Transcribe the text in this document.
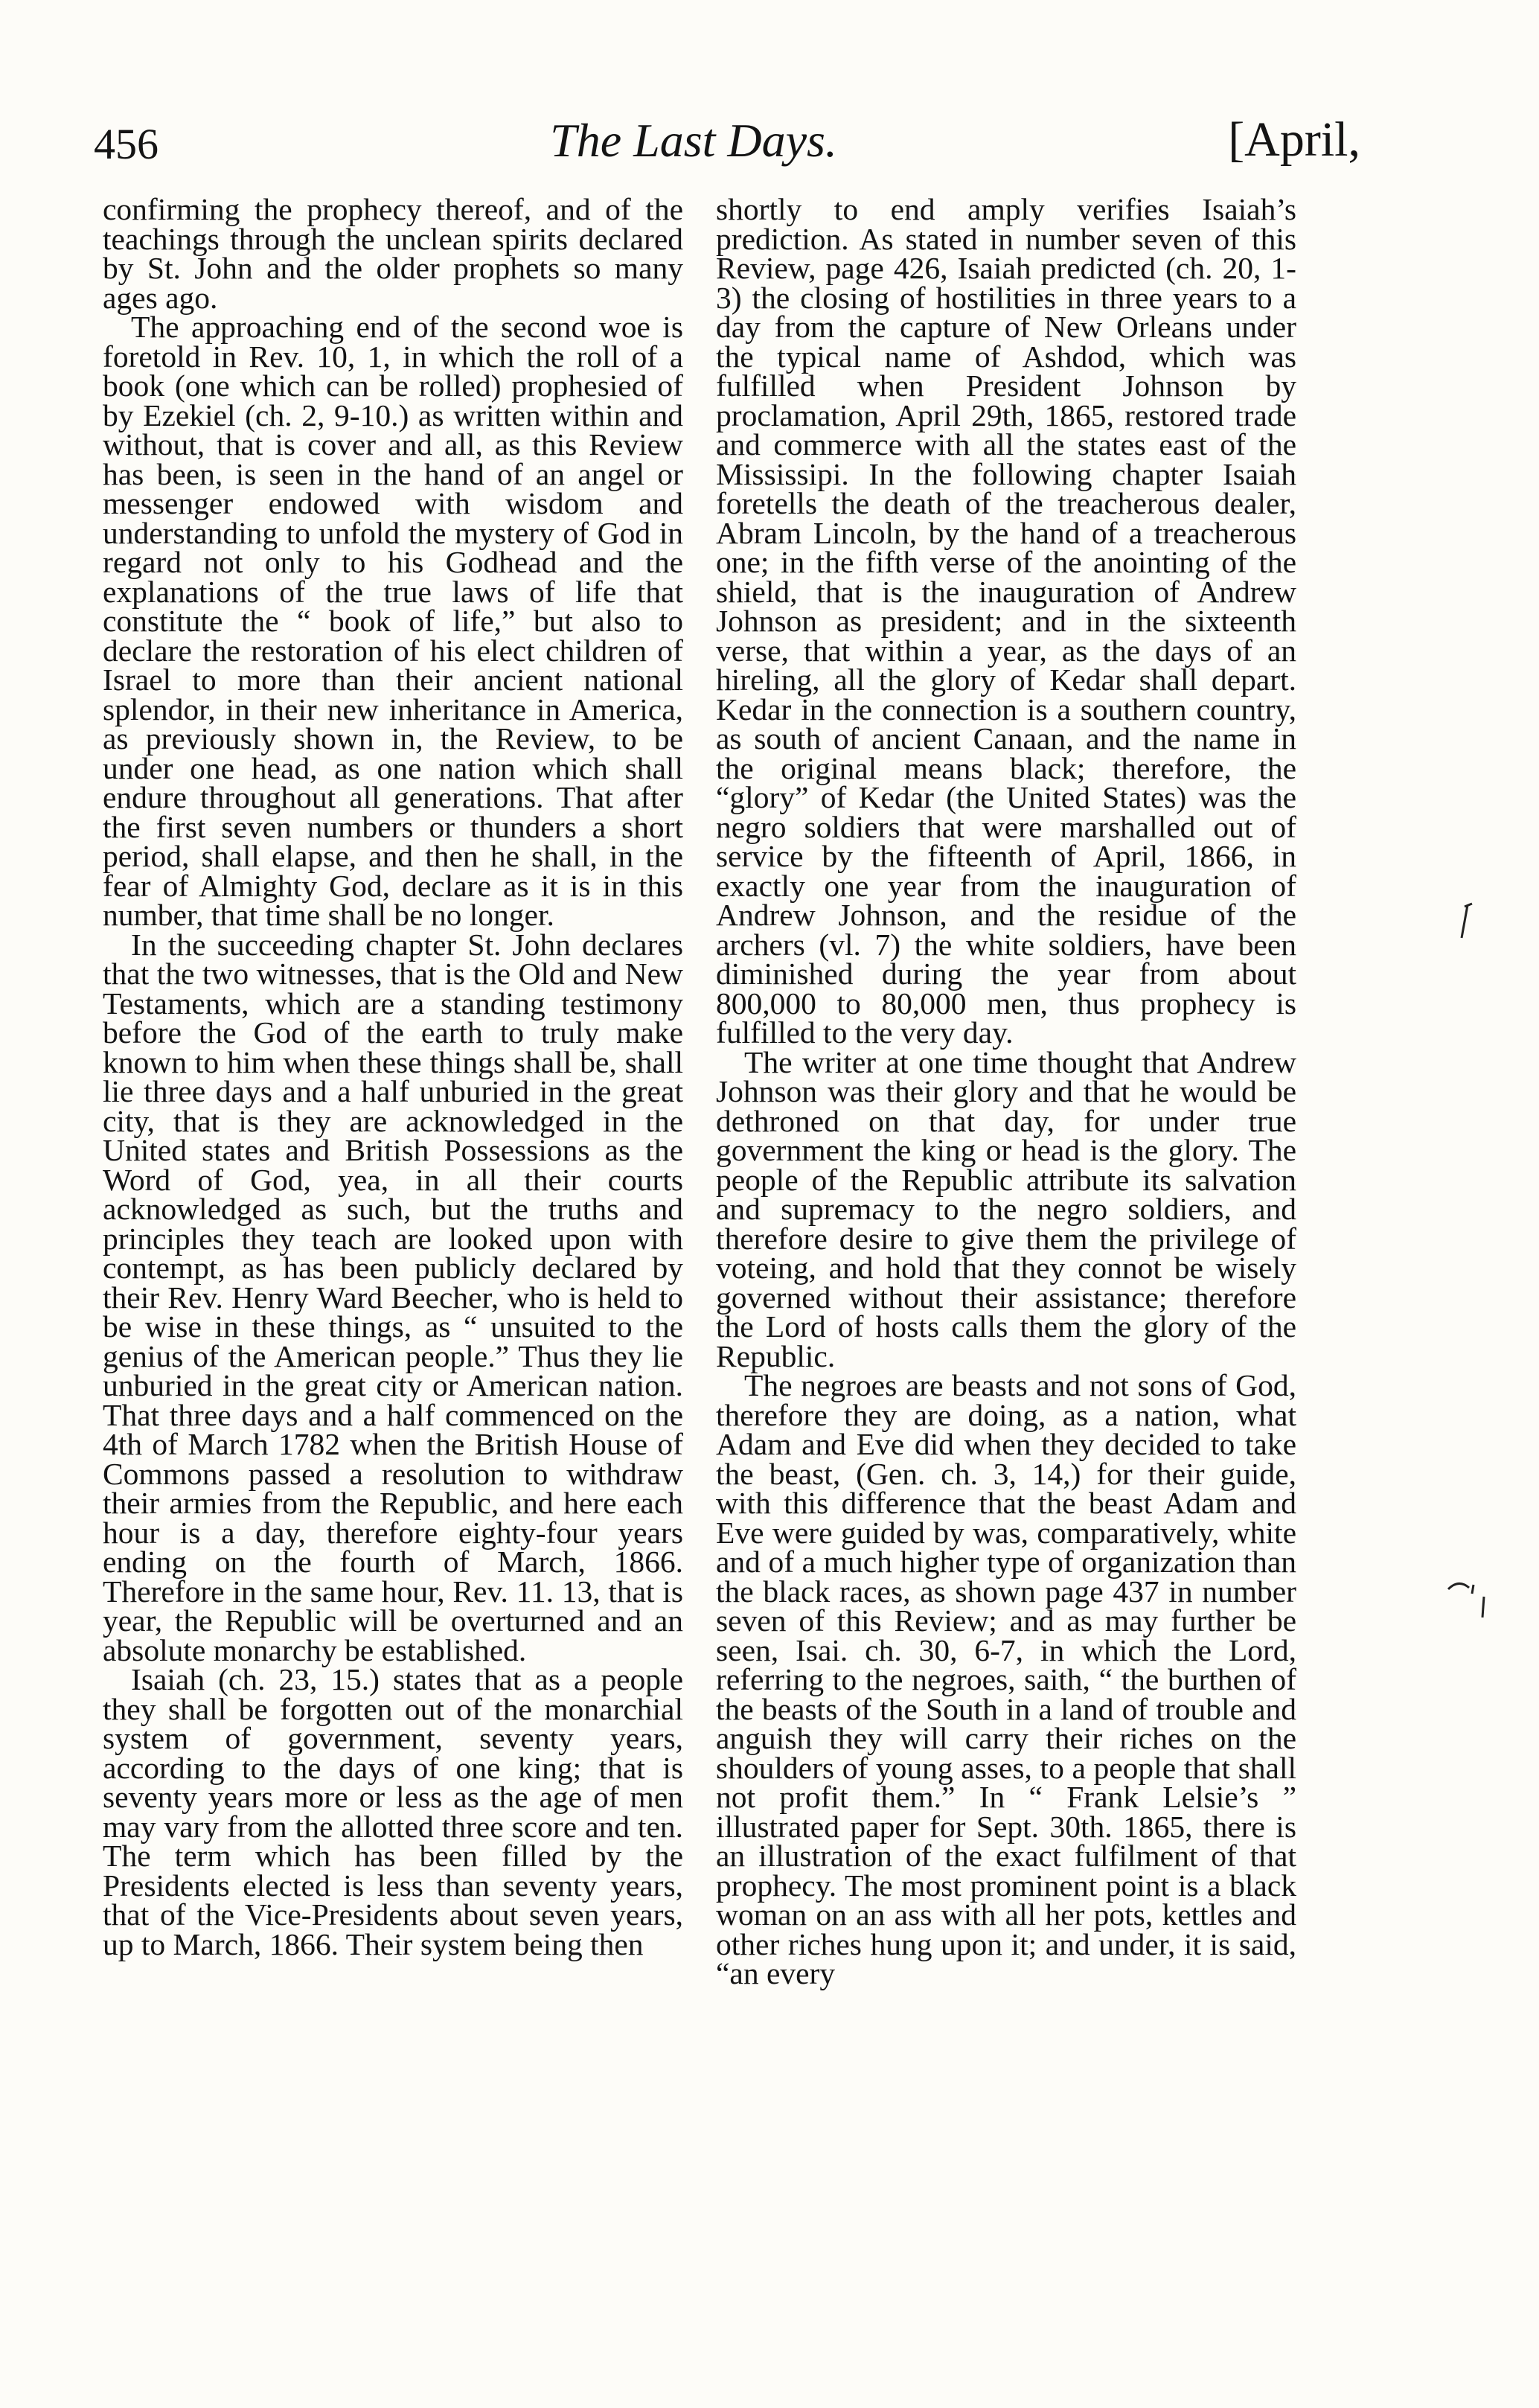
456	The Last Days.	[April,

confirming the prophecy thereof, and of the teachings through the unclean spirits declared by St. John and the older prophets so many ages ago.

The approaching end of the second woe is foretold in Rev. 10, 1, in which the roll of a book (one which can be rolled) prophesied of by Ezekiel (ch. 2, 9-10.) as written within and without, that is cover and all, as this Review has been, is seen in the hand of an angel or messenger endowed with wisdom and understanding to unfold the mystery of God in regard not only to his Godhead and the explanations of the true laws of life that constitute the “ book of life,” but also to declare the restoration of his elect children of Israel to more than their ancient national splendor, in their new inheritance in America, as previously shown in, the Review, to be under one head, as one nation which shall endure throughout all generations. That after the first seven numbers or thunders a short period, shall elapse, and then he shall, in the fear of Almighty God, declare as it is in this number, that time shall be no longer.

In the succeeding chapter St. John declares that the two witnesses, that is the Old and New Testaments, which are a standing testimony before the God of the earth to truly make known to him when these things shall be, shall lie three days and a half unburied in the great city, that is they are acknowledged in the United states and British Possessions as the Word of God, yea, in all their courts acknowledged as such, but the truths and principles they teach are looked upon with contempt, as has been publicly declared by their Rev. Henry Ward Beecher, who is held to be wise in these things, as “ unsuited to the genius of the American people.” Thus they lie unburied in the great city or American nation. That three days and a half commenced on the 4th of March 1782 when the British House of Commons passed a resolution to withdraw their armies from the Republic, and here each hour is a day, therefore eighty-four years ending on the fourth of March, 1866. Therefore in the same hour, Rev. 11. 13, that is year, the Republic will be overturned and an absolute monarchy be established.

Isaiah (ch. 23, 15.) states that as a people they shall be forgotten out of the monarchial system of government, seventy years, according to the days of one king; that is seventy years more or less as the age of men may vary from the allotted three score and ten. The term which has been filled by the Presidents elected is less than seventy years, that of the Vice-Presidents about seven years, up to March, 1866. Their system being then

shortly to end amply verifies Isaiah’s prediction. As stated in number seven of this Review, page 426, Isaiah predicted (ch. 20, 1-3) the closing of hostilities in three years to a day from the capture of New Orleans under the typical name of Ashdod, which was fulfilled when President Johnson by proclamation, April 29th, 1865, restored trade and commerce with all the states east of the Mississipi. In the following chapter Isaiah foretells the death of the treacherous dealer, Abram Lincoln, by the hand of a treacherous one; in the fifth verse of the anointing of the shield, that is the inauguration of Andrew Johnson as president; and in the sixteenth verse, that within a year, as the days of an hireling, all the glory of Kedar shall depart. Kedar in the connection is a southern country, as south of ancient Canaan, and the name in the original means black; therefore, the “glory” of Kedar (the United States) was the negro soldiers that were marshalled out of service by the fifteenth of April, 1866, in exactly one year from the inauguration of Andrew Johnson, and the residue of the archers (vl. 7) the white soldiers, have been diminished during the year from about 800,000 to 80,000 men, thus prophecy is fulfilled to the very day.

The writer at one time thought that Andrew Johnson was their glory and that he would be dethroned on that day, for under true government the king or head is the glory. The people of the Republic attribute its salvation and supremacy to the negro soldiers, and therefore desire to give them the privilege of voteing, and hold that they connot be wisely governed without their assistance; therefore the Lord of hosts calls them the glory of the Republic.

The negroes are beasts and not sons of God, therefore they are doing, as a nation, what Adam and Eve did when they decided to take the beast, (Gen. ch. 3, 14,) for their guide, with this difference that the beast Adam and Eve were guided by was, comparatively, white and of a much higher type of organization than the black races, as shown page 437 in number seven of this Review; and as may further be seen, Isai. ch. 30, 6-7, in which the Lord, referring to the negroes, saith, “ the burthen of the beasts of the South in a land of trouble and anguish they will carry their riches on the shoulders of young asses, to a people that shall not profit them.” In “ Frank Lelsie’s ” illustrated paper for Sept. 30th. 1865, there is an illustration of the exact fulfilment of that prophecy. The most prominent point is a black woman on an ass with all her pots, kettles and other riches hung upon it; and under, it is said, “an every
